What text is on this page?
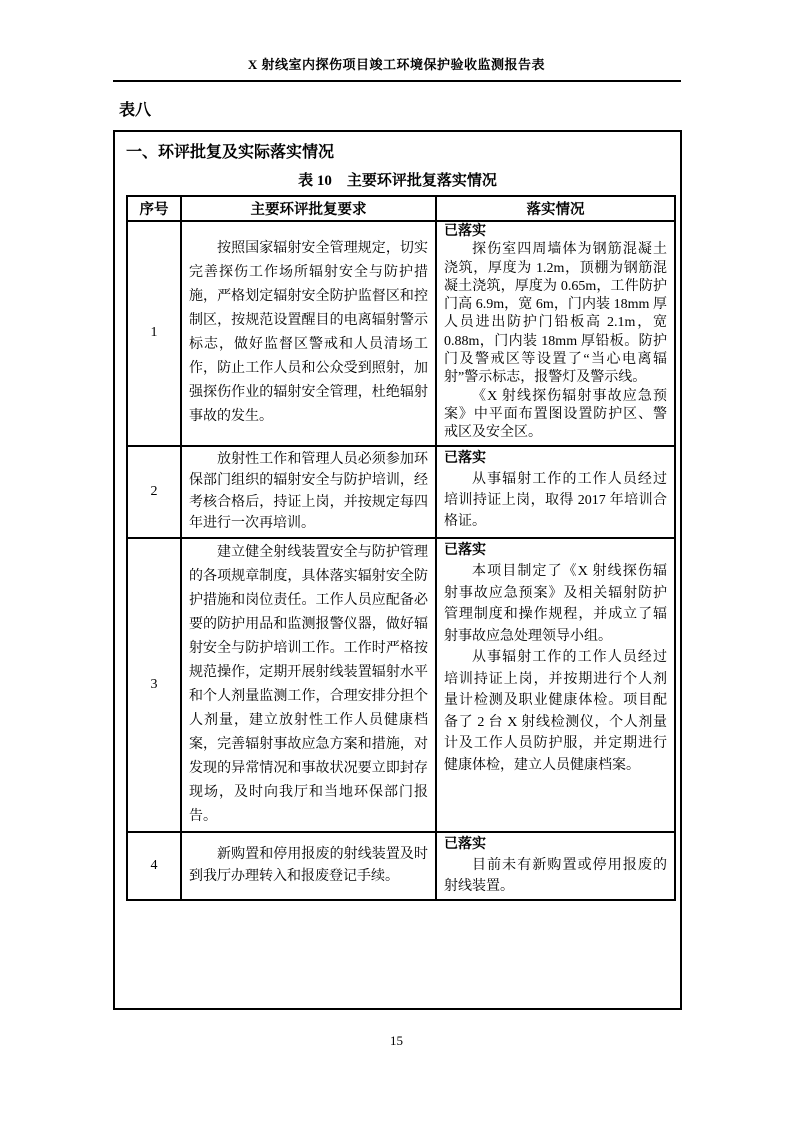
X 射线室内探伤项目竣工环境保护验收监测报告表
表八
一、环评批复及实际落实情况
表 10　主要环评批复落实情况
序号	主要环评批复要求	落实情况
1	按照国家辐射安全管理规定，切实完善探伤工作场所辐射安全与防护措施，严格划定辐射安全防护监督区和控制区，按规范设置醒目的电离辐射警示标志，做好监督区警戒和人员清场工作，防止工作人员和公众受到照射，加强探伤作业的辐射安全管理，杜绝辐射事故的发生。	已落实

探伤室四周墙体为钢筋混凝土浇筑，厚度为 1.2m，顶棚为钢筋混凝土浇筑，厚度为 0.65m，工件防护门高 6.9m，宽 6m，门内装 18mm 厚人员进出防护门铅板高 2.1m，宽 0.88m，门内装 18mm 厚铅板。防护门及警戒区等设置了“当心电离辐射”警示标志，报警灯及警示线。

《X 射线探伤辐射事故应急预案》中平面布置图设置防护区、警戒区及安全区。

2	放射性工作和管理人员必须参加环保部门组织的辐射安全与防护培训，经考核合格后，持证上岗，并按规定每四年进行一次再培训。	已落实

从事辐射工作的工作人员经过培训持证上岗，取得 2017 年培训合格证。

3	建立健全射线装置安全与防护管理的各项规章制度，具体落实辐射安全防护措施和岗位责任。工作人员应配备必要的防护用品和监测报警仪器，做好辐射安全与防护培训工作。工作时严格按规范操作，定期开展射线装置辐射水平和个人剂量监测工作，合理安排分担个人剂量，建立放射性工作人员健康档案，完善辐射事故应急方案和措施，对发现的异常情况和事故状况要立即封存现场，及时向我厅和当地环保部门报告。	已落实

本项目制定了《X 射线探伤辐射事故应急预案》及相关辐射防护管理制度和操作规程，并成立了辐射事故应急处理领导小组。

从事辐射工作的工作人员经过培训持证上岗，并按期进行个人剂量计检测及职业健康体检。项目配备了 2 台 X 射线检测仪，个人剂量计及工作人员防护服，并定期进行健康体检，建立人员健康档案。

4	新购置和停用报废的射线装置及时到我厅办理转入和报废登记手续。	已落实

目前未有新购置或停用报废的射线装置。

15
